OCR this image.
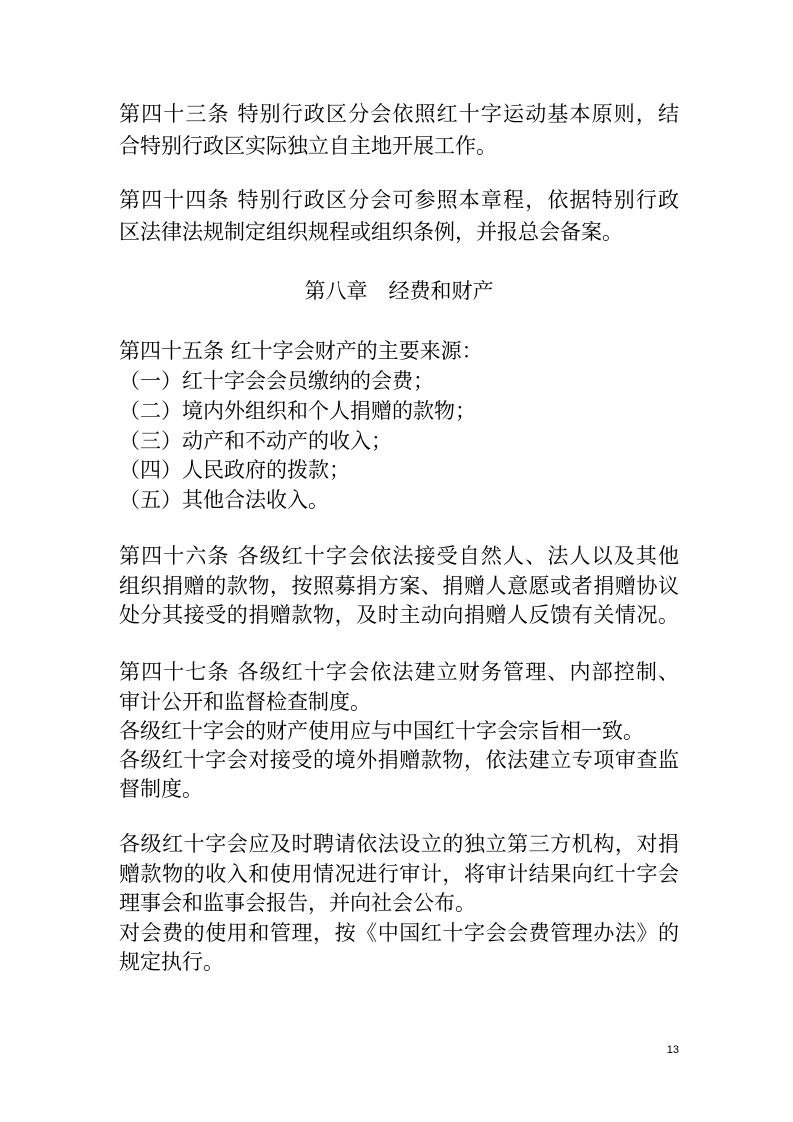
第四十三条 特别行政区分会依照红十字运动基本原则，结
合特别行政区实际独立自主地开展工作。
第四十四条 特别行政区分会可参照本章程，依据特别行政
区法律法规制定组织规程或组织条例，并报总会备案。
第八章　经费和财产
第四十五条 红十字会财产的主要来源：
（一）红十字会会员缴纳的会费；
（二）境内外组织和个人捐赠的款物；
（三）动产和不动产的收入；
（四）人民政府的拨款；
（五）其他合法收入。
第四十六条 各级红十字会依法接受自然人、法人以及其他
组织捐赠的款物，按照募捐方案、捐赠人意愿或者捐赠协议
处分其接受的捐赠款物，及时主动向捐赠人反馈有关情况。
第四十七条 各级红十字会依法建立财务管理、内部控制、
审计公开和监督检查制度。
各级红十字会的财产使用应与中国红十字会宗旨相一致。
各级红十字会对接受的境外捐赠款物，依法建立专项审查监
督制度。
各级红十字会应及时聘请依法设立的独立第三方机构，对捐
赠款物的收入和使用情况进行审计，将审计结果向红十字会
理事会和监事会报告，并向社会公布。
对会费的使用和管理，按《中国红十字会会费管理办法》的
规定执行。
13
